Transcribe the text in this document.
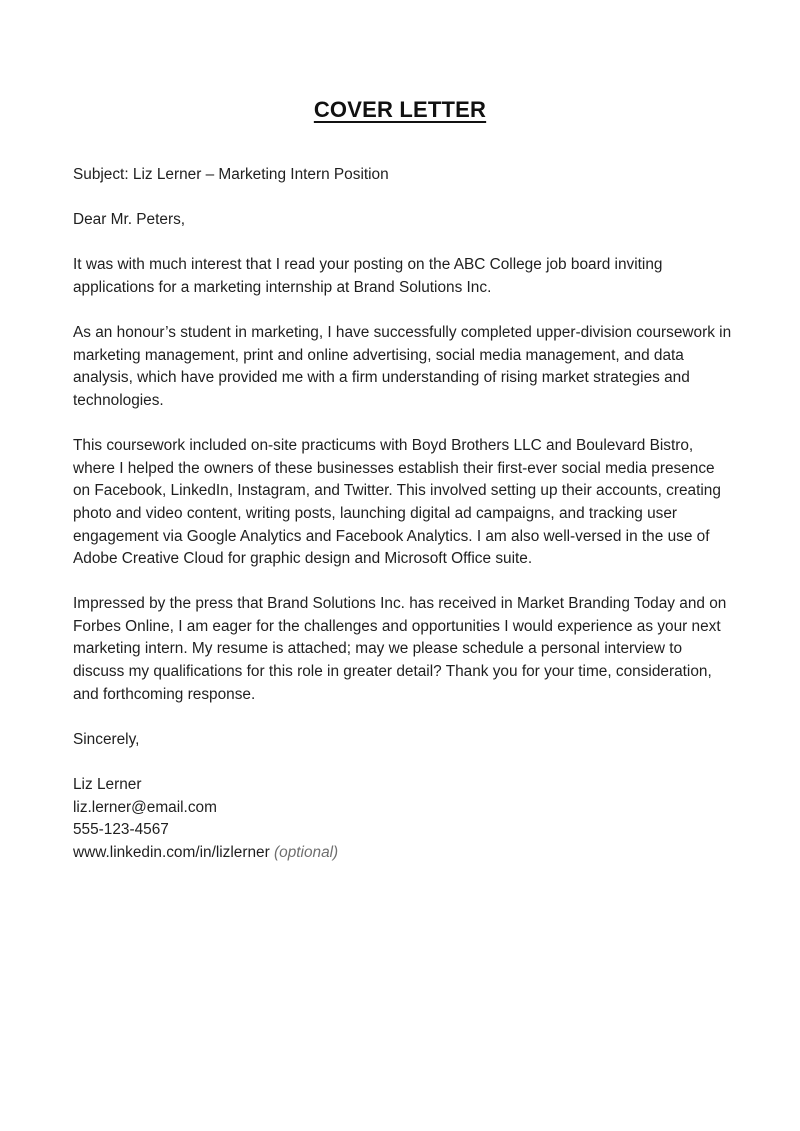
COVER LETTER

Subject: Liz Lerner – Marketing Intern Position

Dear Mr. Peters,

It was with much interest that I read your posting on the ABC College job board inviting applications for a marketing internship at Brand Solutions Inc.

As an honour’s student in marketing, I have successfully completed upper-division coursework in marketing management, print and online advertising, social media management, and data analysis, which have provided me with a firm understanding of rising market strategies and technologies.

This coursework included on-site practicums with Boyd Brothers LLC and Boulevard Bistro, where I helped the owners of these businesses establish their first-ever social media presence on Facebook, LinkedIn, Instagram, and Twitter. This involved setting up their accounts, creating photo and video content, writing posts, launching digital ad campaigns, and tracking user engagement via Google Analytics and Facebook Analytics. I am also well-versed in the use of Adobe Creative Cloud for graphic design and Microsoft Office suite.

Impressed by the press that Brand Solutions Inc. has received in Market Branding Today and on Forbes Online, I am eager for the challenges and opportunities I would experience as your next marketing intern. My resume is attached; may we please schedule a personal interview to discuss my qualifications for this role in greater detail? Thank you for your time, consideration, and forthcoming response.

Sincerely,

Liz Lerner

liz.lerner@email.com

555-123-4567

www.linkedin.com/in/lizlerner (optional)
